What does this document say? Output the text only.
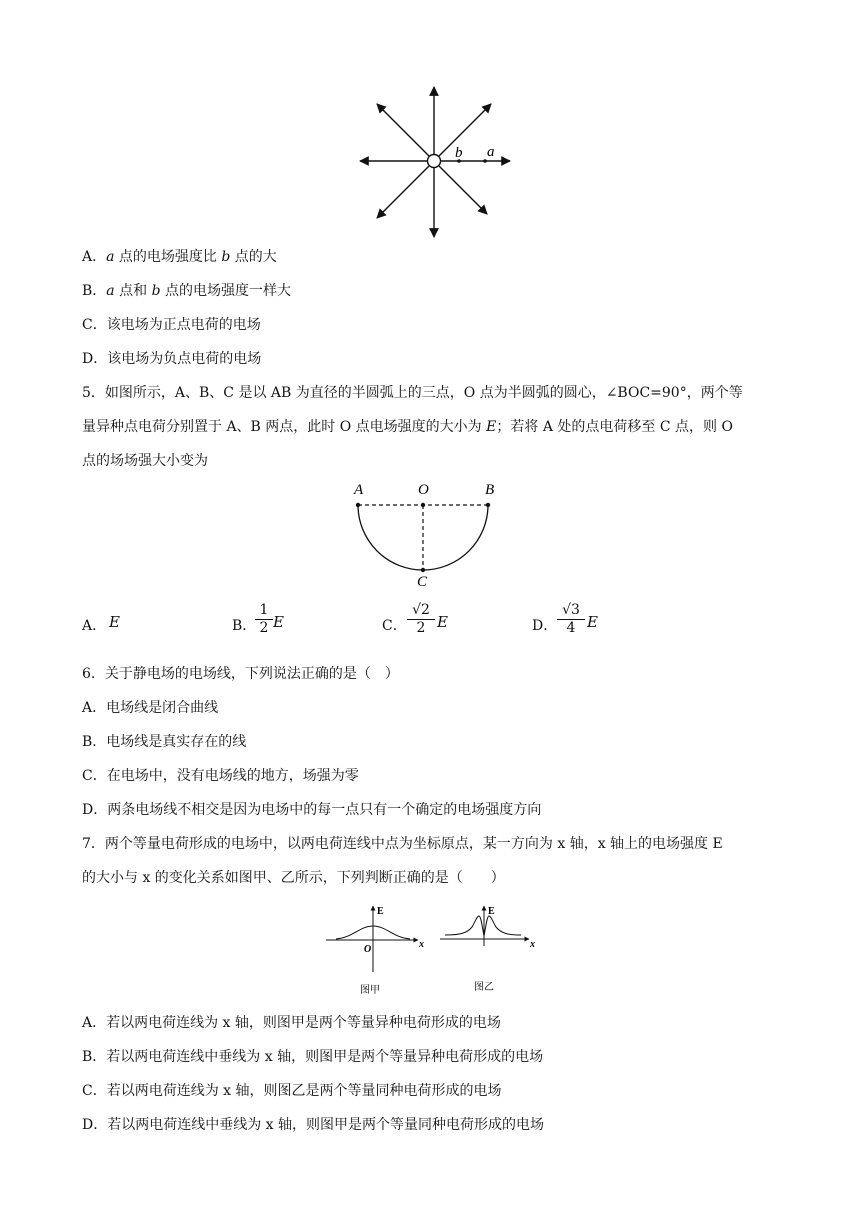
b a
A．a 点的电场强度比 b 点的大
B．a 点和 b 点的电场强度一样大
C．该电场为正点电荷的电场
D．该电场为负点电荷的电场
5．如图所示，A、B、C 是以 AB 为直径的半圆弧上的三点，O 点为半圆弧的圆心，∠BOC=90°，两个等
量异种点电荷分别置于 A、B 两点，此时 O 点电场强度的大小为 E；若将 A 处的点电荷移至 C 点，则 O
点的场场强大小变为
A	O	B
C
A． E	B．
$\frac{1}{2}$ E	C． $\frac{√2}{2}$ E	D． $\frac{√3}{4}$ E
6．关于静电场的电场线，下列说法正确的是（　）
A．电场线是闭合曲线
B．电场线是真实存在的线
C．在电场中，没有电场线的地方，场强为零
D．两条电场线不相交是因为电场中的每一点只有一个确定的电场强度方向
7．两个等量电荷形成的电场中，以两电荷连线中点为坐标原点，某一方向为 x 轴，x 轴上的电场强度 E
的大小与 x 的变化关系如图甲、乙所示，下列判断正确的是（　　）
E
O	x
图甲
E
x
图乙
A．若以两电荷连线为 x 轴，则图甲是两个等量异种电荷形成的电场
B．若以两电荷连线中垂线为 x 轴，则图甲是两个等量异种电荷形成的电场
C．若以两电荷连线为 x 轴，则图乙是两个等量同种电荷形成的电场
D．若以两电荷连线中垂线为 x 轴，则图甲是两个等量同种电荷形成的电场
